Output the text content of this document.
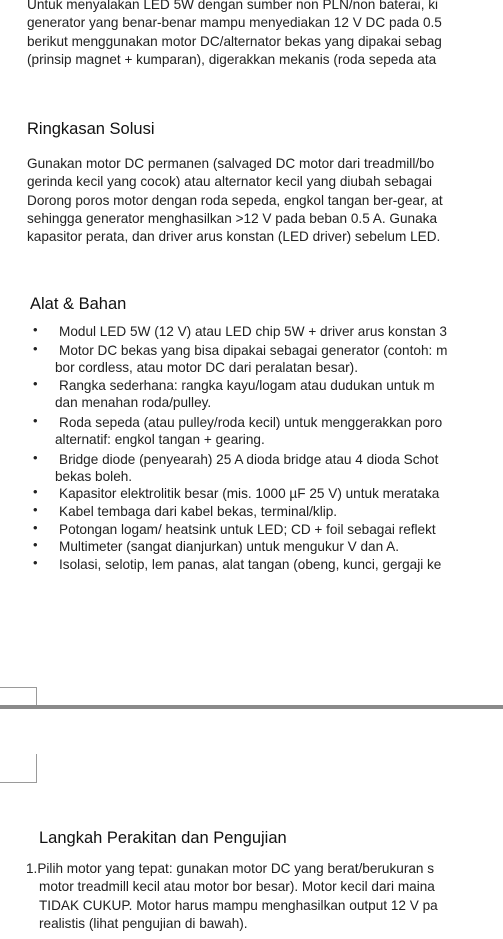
Untuk menyalakan LED 5W dengan sumber non PLN/non baterai, ki
generator yang benar-benar mampu menyediakan 12 V DC pada 0.5
berikut menggunakan motor DC/alternator bekas yang dipakai sebag
(prinsip magnet + kumparan), digerakkan mekanis (roda sepeda ata
Ringkasan Solusi
Gunakan motor DC permanen (salvaged DC motor dari treadmill/bo
gerinda kecil yang cocok) atau alternator kecil yang diubah sebagai
Dorong poros motor dengan roda sepeda, engkol tangan ber-gear, at
sehingga generator menghasilkan >12 V pada beban 0.5 A. Gunaka
kapasitor perata, dan driver arus konstan (LED driver) sebelum LED.
Alat & Bahan
• Modul LED 5W (12 V) atau LED chip 5W + driver arus konstan 3
• Motor DC bekas yang bisa dipakai sebagai generator (contoh: m
bor cordless, atau motor DC dari peralatan besar).
• Rangka sederhana: rangka kayu/logam atau dudukan untuk m
dan menahan roda/pulley.
• Roda sepeda (atau pulley/roda kecil) untuk menggerakkan poro
alternatif: engkol tangan + gearing.
• Bridge diode (penyearah) 25 A dioda bridge atau 4 dioda Schot
bekas boleh.
• Kapasitor elektrolitik besar (mis. 1000 µF 25 V) untuk merataka
• Kabel tembaga dari kabel bekas, terminal/klip.
• Potongan logam/ heatsink untuk LED; CD + foil sebagai reflekt
• Multimeter (sangat dianjurkan) untuk mengukur V dan A.
• Isolasi, selotip, lem panas, alat tangan (obeng, kunci, gergaji ke
Langkah Perakitan dan Pengujian
1.Pilih motor yang tepat: gunakan motor DC yang berat/berukuran s
motor treadmill kecil atau motor bor besar). Motor kecil dari maina
TIDAK CUKUP. Motor harus mampu menghasilkan output 12 V pa
realistis (lihat pengujian di bawah).
